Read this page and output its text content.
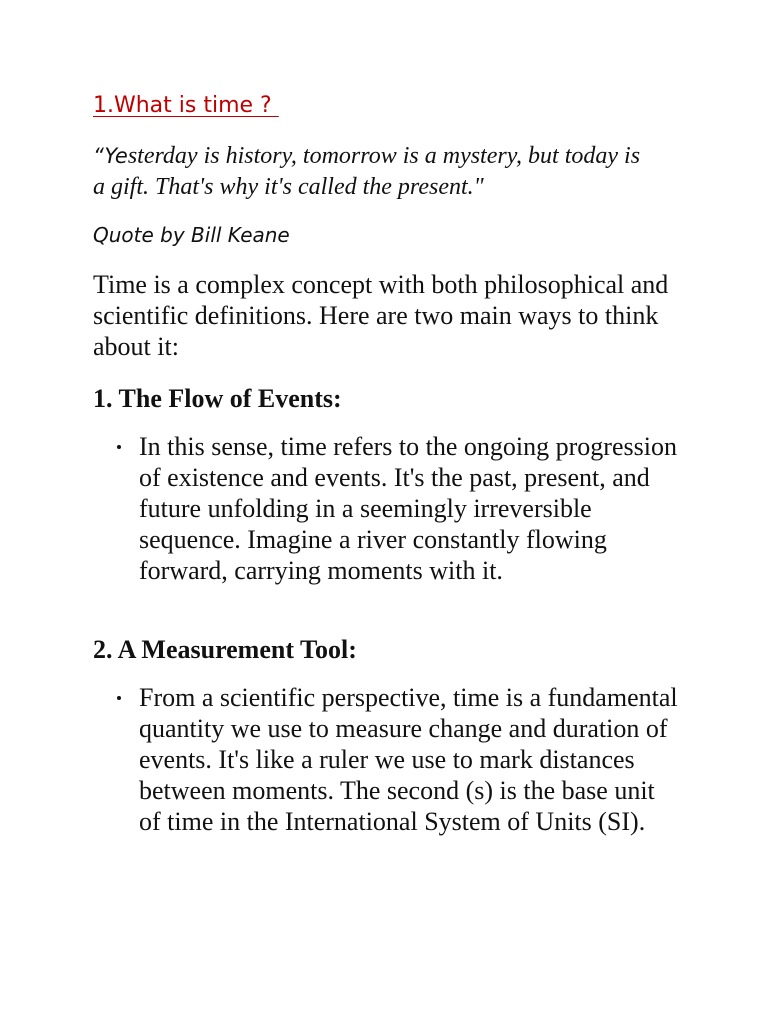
1.What is time ?
“Yesterday is history, tomorrow is a mystery, but today is a gift. That's why it's called the present."
Quote by Bill Keane
Time is a complex concept with both philosophical and scientific definitions. Here are two main ways to think about it:
1. The Flow of Events:
In this sense, time refers to the ongoing progression of existence and events. It's the past, present, and future unfolding in a seemingly irreversible sequence. Imagine a river constantly flowing forward, carrying moments with it.
2. A Measurement Tool:
From a scientific perspective, time is a fundamental quantity we use to measure change and duration of events. It's like a ruler we use to mark distances between moments. The second (s) is the base unit of time in the International System of Units (SI).
